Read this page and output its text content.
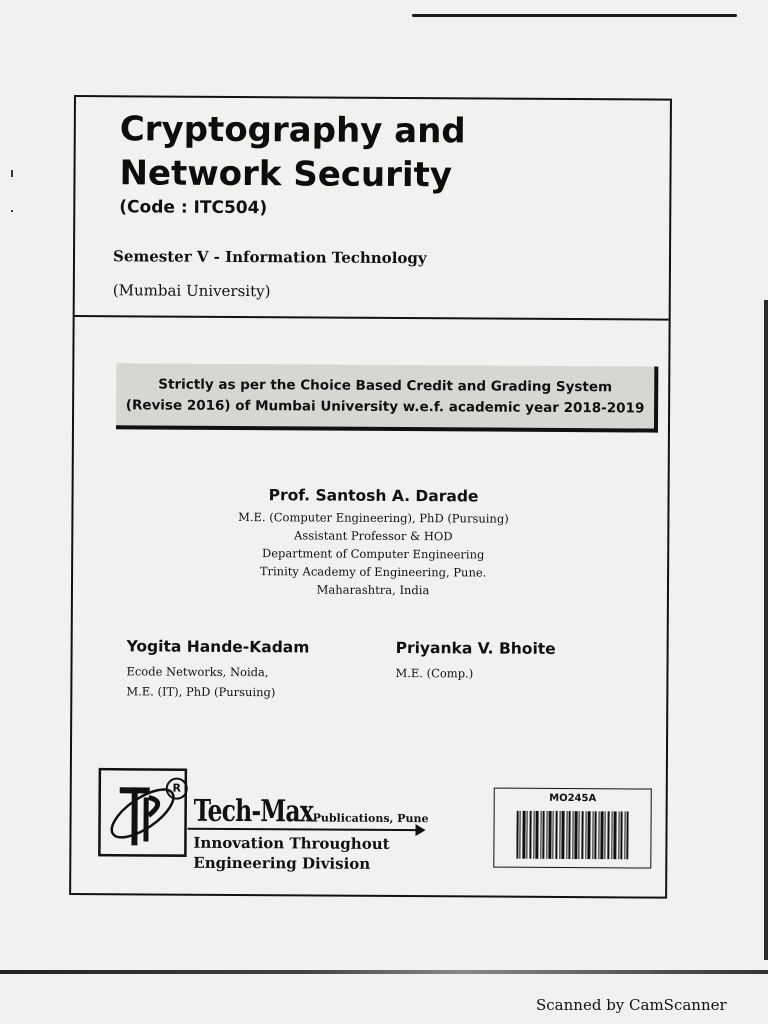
Cryptography and
Network Security
(Code : ITC504)
Semester V - Information Technology
(Mumbai University)
Strictly as per the Choice Based Credit and Grading System
(Revise 2016) of Mumbai University w.e.f. academic year 2018-2019
Prof. Santosh A. Darade
M.E. (Computer Engineering), PhD (Pursuing)
Assistant Professor & HOD
Department of Computer Engineering
Trinity Academy of Engineering, Pune.
Maharashtra, India
Yogita Hande-Kadam
Ecode Networks, Noida,
M.E. (IT), PhD (Pursuing)
Priyanka V. Bhoite
M.E. (Comp.)
R
Tech-MaxPublications, Pune
Innovation Throughout
Engineering Division
MO245A
Scanned by CamScanner
